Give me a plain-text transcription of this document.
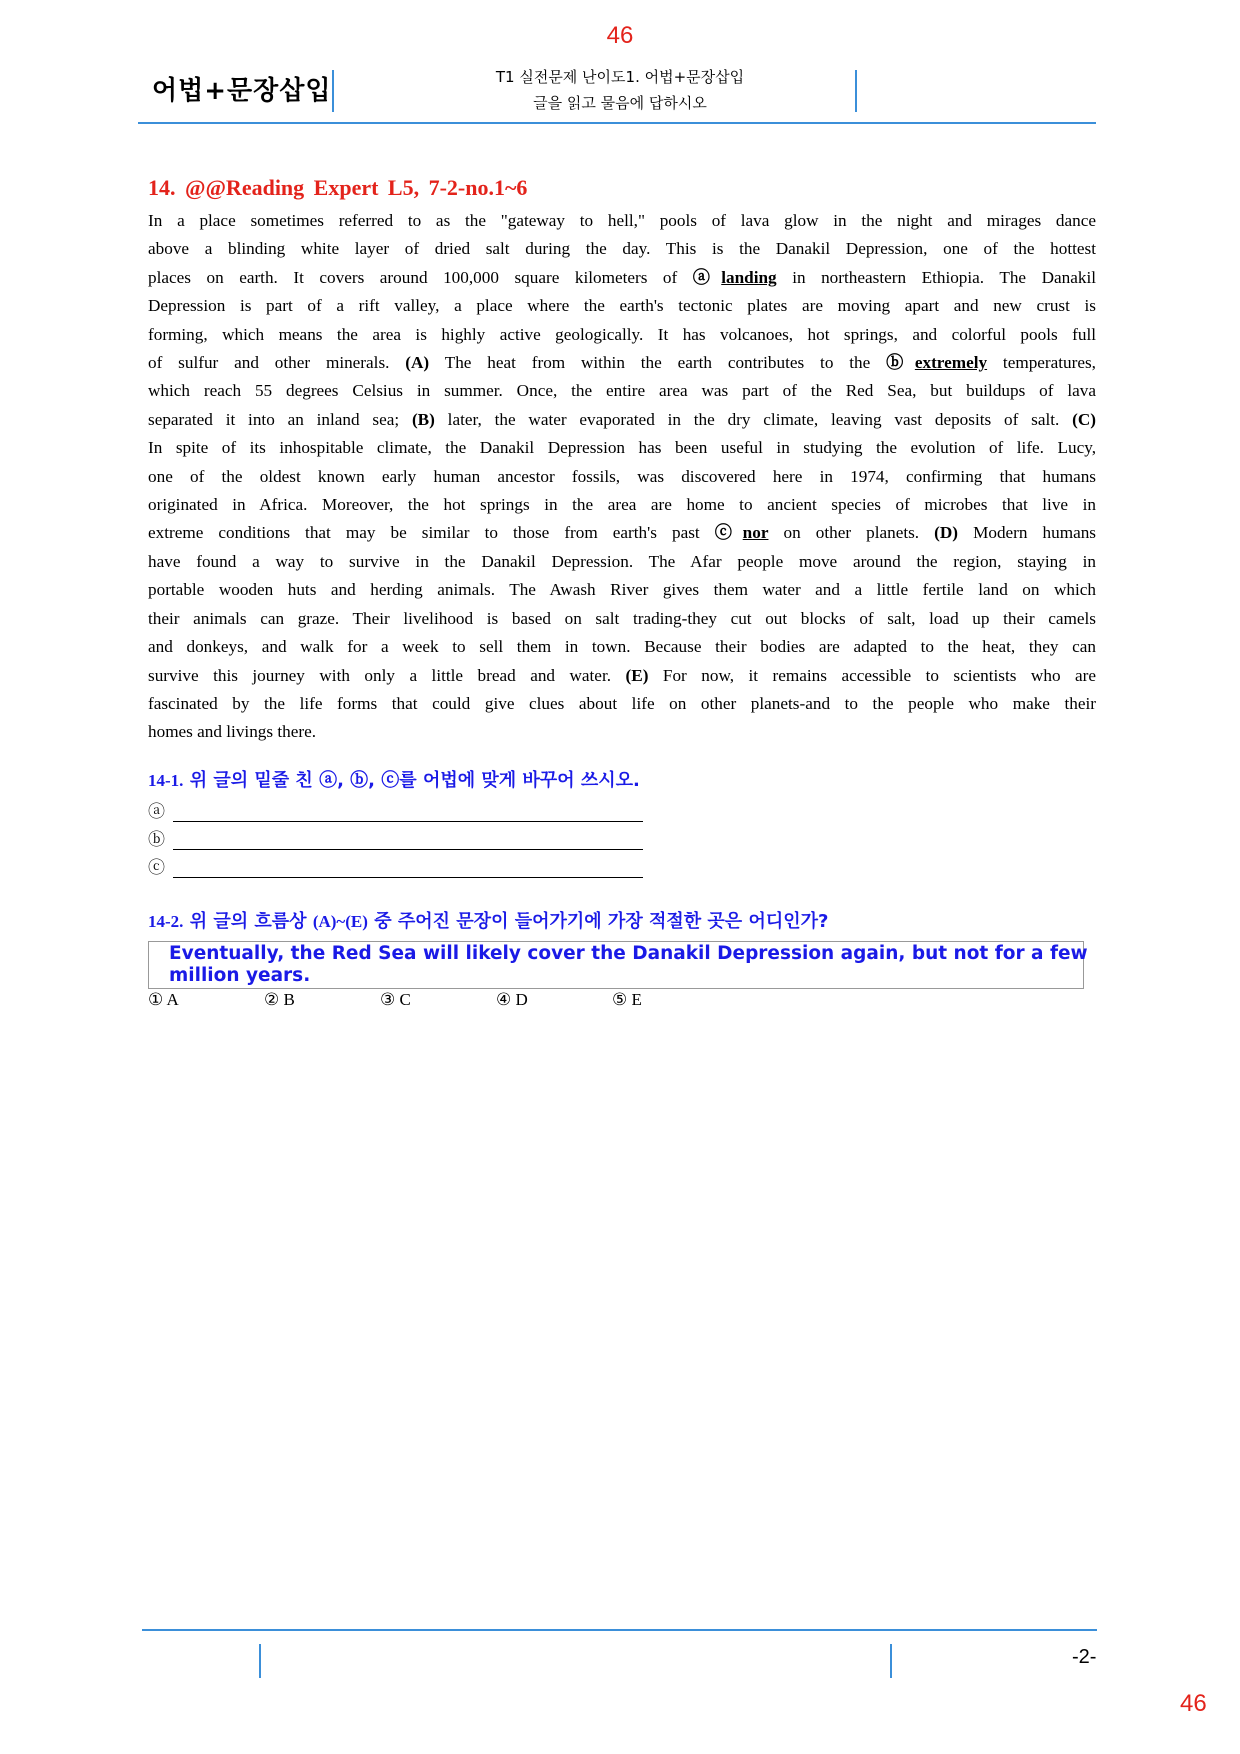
46
어법+문장삽입	T1 실전문제 난이도1. 어법+문장삽입
글을 읽고 물음에 답하시오
14. @@Reading Expert L5, 7-2-no.1~6
In a place sometimes referred to as the "gateway to hell," pools of lava glow in the night and mirages dance
above a blinding white layer of dried salt during the day. This is the Danakil Depression, one of the hottest
places on earth. It covers around 100,000 square kilometers of ⓐlanding in northeastern Ethiopia. The Danakil
Depression is part of a rift valley, a place where the earth's tectonic plates are moving apart and new crust is
forming, which means the area is highly active geologically. It has volcanoes, hot springs, and colorful pools full
of sulfur and other minerals. (A) The heat from within the earth contributes to the ⓑextremely temperatures,
which reach 55 degrees Celsius in summer. Once, the entire area was part of the Red Sea, but buildups of lava
separated it into an inland sea; (B) later, the water evaporated in the dry climate, leaving vast deposits of salt. (C)
In spite of its inhospitable climate, the Danakil Depression has been useful in studying the evolution of life. Lucy,
one of the oldest known early human ancestor fossils, was discovered here in 1974, confirming that humans
originated in Africa. Moreover, the hot springs in the area are home to ancient species of microbes that live in
extreme conditions that may be similar to those from earth's past ⓒnor on other planets. (D) Modern humans
have found a way to survive in the Danakil Depression. The Afar people move around the region, staying in
portable wooden huts and herding animals. The Awash River gives them water and a little fertile land on which
their animals can graze. Their livelihood is based on salt trading-they cut out blocks of salt, load up their camels
and donkeys, and walk for a week to sell them in town. Because their bodies are adapted to the heat, they can
survive this journey with only a little bread and water. (E) For now, it remains accessible to scientists who are
fascinated by the life forms that could give clues about life on other planets-and to the people who make their
homes and livings there.
14-1. 위 글의 밑줄 친 ⓐ, ⓑ, ⓒ를 어법에 맞게 바꾸어 쓰시오.
ⓐ
ⓑ
ⓒ
14-2. 위 글의 흐름상 (A)~(E) 중 주어진 문장이 들어가기에 가장 적절한 곳은 어디인가?
Eventually, the Red Sea will likely cover the Danakil Depression again, but not for a few
million years.
① A	② B	③ C	④ D	⑤ E
-2-
46
